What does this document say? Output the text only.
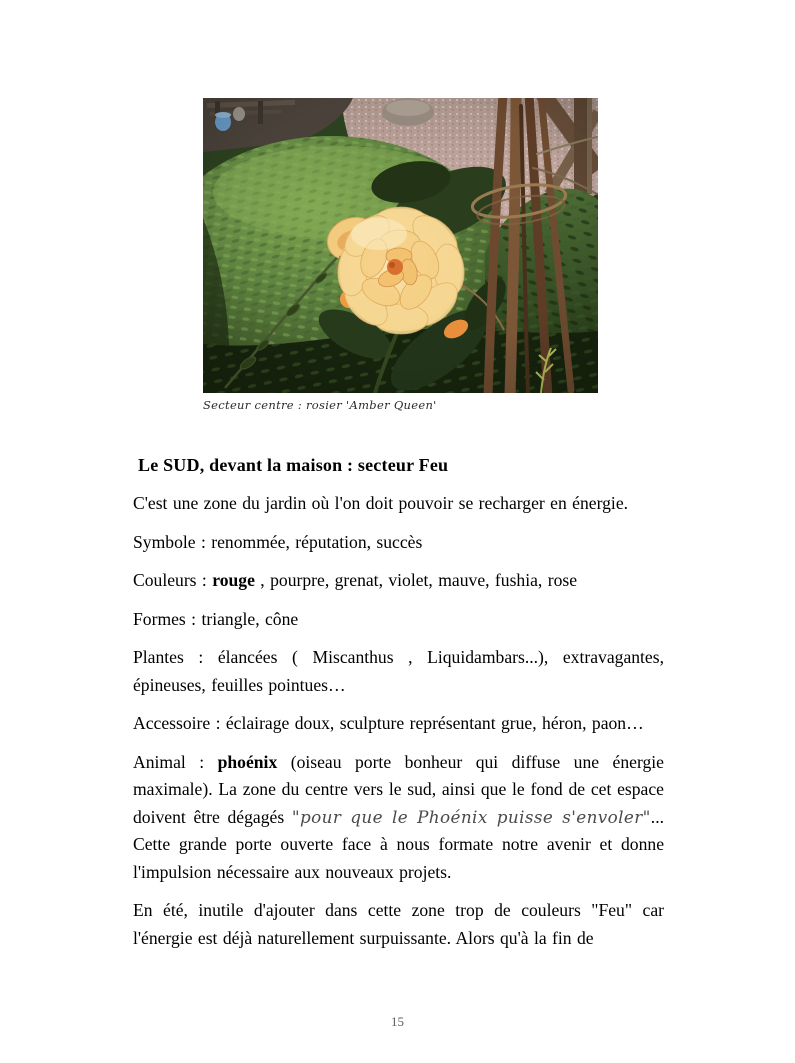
Secteur centre : rosier 'Amber Queen'
Le SUD, devant la maison : secteur Feu

C'est une zone du jardin où l'on doit pouvoir se recharger en énergie.

Symbole : renommée, réputation, succès

Couleurs : rouge , pourpre, grenat, violet, mauve, fushia, rose

Formes : triangle, cône

Plantes : élancées ( Miscanthus , Liquidambars...), extravagantes, épineuses, feuilles pointues…

Accessoire : éclairage doux, sculpture représentant grue, héron, paon…

Animal : phoénix (oiseau porte bonheur qui diffuse une énergie maximale). La zone du centre vers le sud, ainsi que le fond de cet espace doivent être dégagés "pour que le Phoénix puisse s'envoler"... Cette grande porte ouverte face à nous formate notre avenir et donne l'impulsion nécessaire aux nouveaux projets.

En été, inutile d'ajouter dans cette zone trop de couleurs "Feu" car l'énergie est déjà naturellement surpuissante. Alors qu'à la fin de

15
